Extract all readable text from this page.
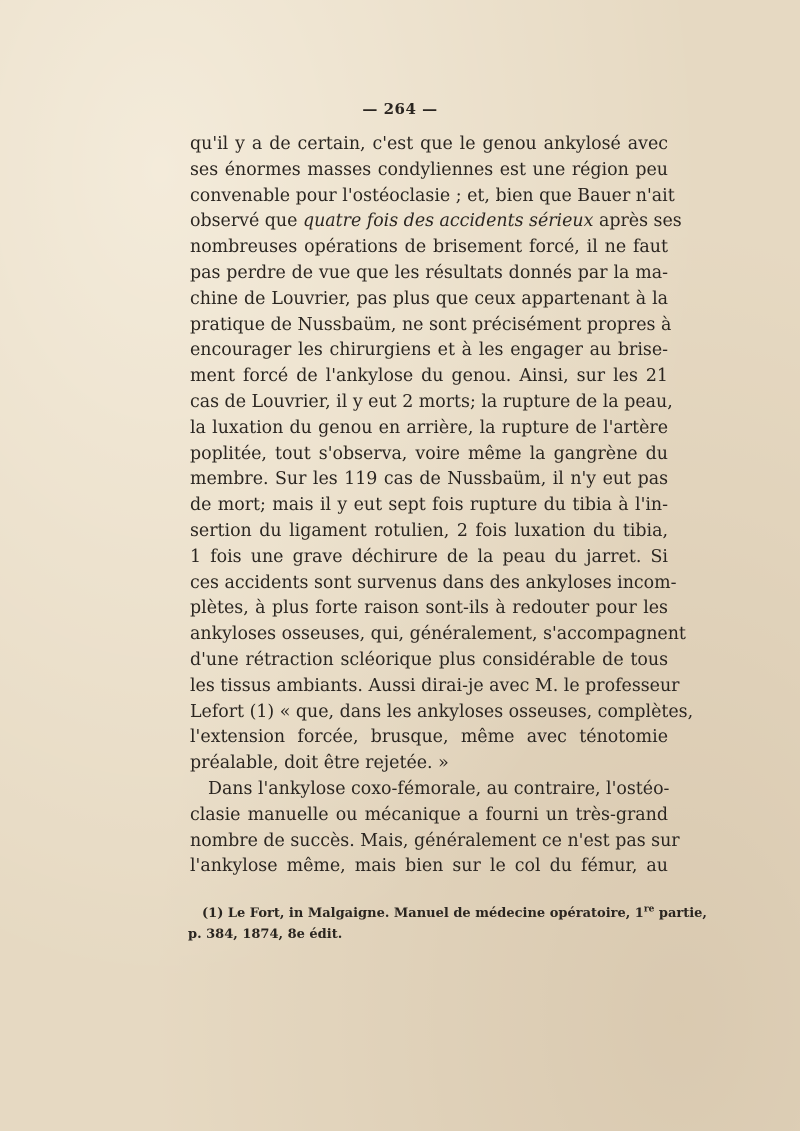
— 264 —
qu'il y a de certain, c'est que le genou ankylosé avec
ses énormes masses condyliennes est une région peu
convenable pour l'ostéoclasie ; et, bien que Bauer n'ait
observé que quatre fois des accidents sérieux après ses
nombreuses opérations de brisement forcé, il ne faut
pas perdre de vue que les résultats donnés par la ma-
chine de Louvrier, pas plus que ceux appartenant à la
pratique de Nussbaüm, ne sont précisément propres à
encourager les chirurgiens et à les engager au brise-
ment forcé de l'ankylose du genou. Ainsi, sur les 21
cas de Louvrier, il y eut 2 morts; la rupture de la peau,
la luxation du genou en arrière, la rupture de l'artère
poplitée, tout s'observa, voire même la gangrène du
membre. Sur les 119 cas de Nussbaüm, il n'y eut pas
de mort; mais il y eut sept fois rupture du tibia à l'in-
sertion du ligament rotulien, 2 fois luxation du tibia,
1 fois une grave déchirure de la peau du jarret. Si
ces accidents sont survenus dans des ankyloses incom-
plètes, à plus forte raison sont-ils à redouter pour les
ankyloses osseuses, qui, généralement, s'accompagnent
d'une rétraction scléorique plus considérable de tous
les tissus ambiants. Aussi dirai-je avec M. le professeur
Lefort (1) « que, dans les ankyloses osseuses, complètes,
l'extension forcée, brusque, même avec ténotomie
préalable, doit être rejetée. »
Dans l'ankylose coxo-fémorale, au contraire, l'ostéo-
clasie manuelle ou mécanique a fourni un très-grand
nombre de succès. Mais, généralement ce n'est pas sur
l'ankylose même, mais bien sur le col du fémur, au
(1) Le Fort, in Malgaigne. Manuel de médecine opératoire, 1re partie,
p. 384, 1874, 8e édit.
